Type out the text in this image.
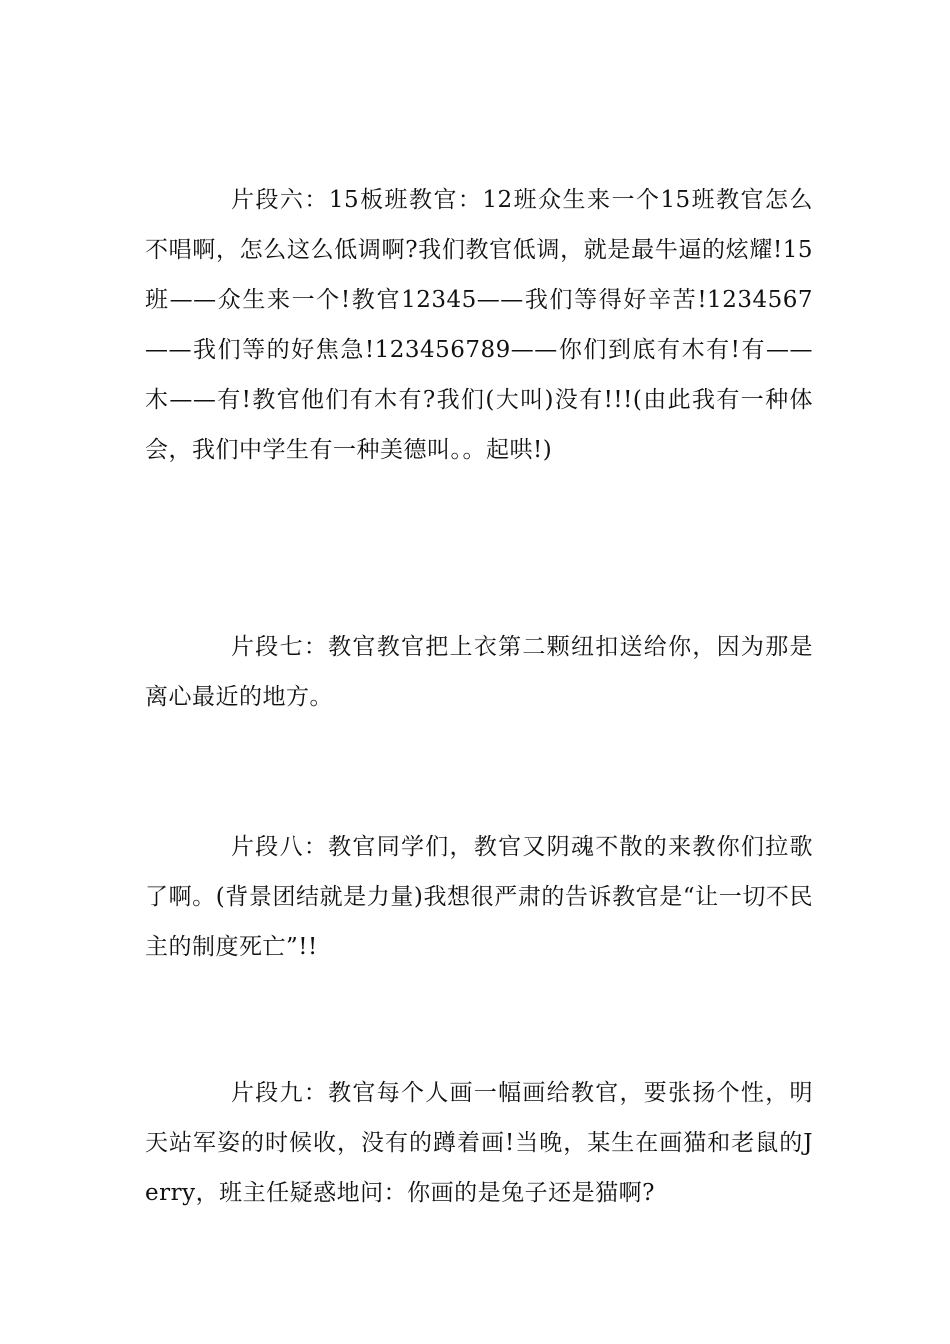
片段六：15板班教官：12班众生来一个15班教官怎么不唱啊，怎么这么低调啊?我们教官低调，就是最牛逼的炫耀!15班——众生来一个!教官12345——我们等得好辛苦!1234567——我们等的好焦急!123456789——你们到底有木有!有——木——有!教官他们有木有?我们(大叫)没有!!!(由此我有一种体会，我们中学生有一种美德叫。。起哄!)

片段七：教官教官把上衣第二颗纽扣送给你，因为那是离心最近的地方。

片段八：教官同学们，教官又阴魂不散的来教你们拉歌了啊。(背景团结就是力量)我想很严肃的告诉教官是“让一切不民主的制度死亡”!!

片段九：教官每个人画一幅画给教官，要张扬个性，明天站军姿的时候收，没有的蹲着画!当晚，某生在画猫和老鼠的Jerry，班主任疑惑地问：你画的是兔子还是猫啊?
